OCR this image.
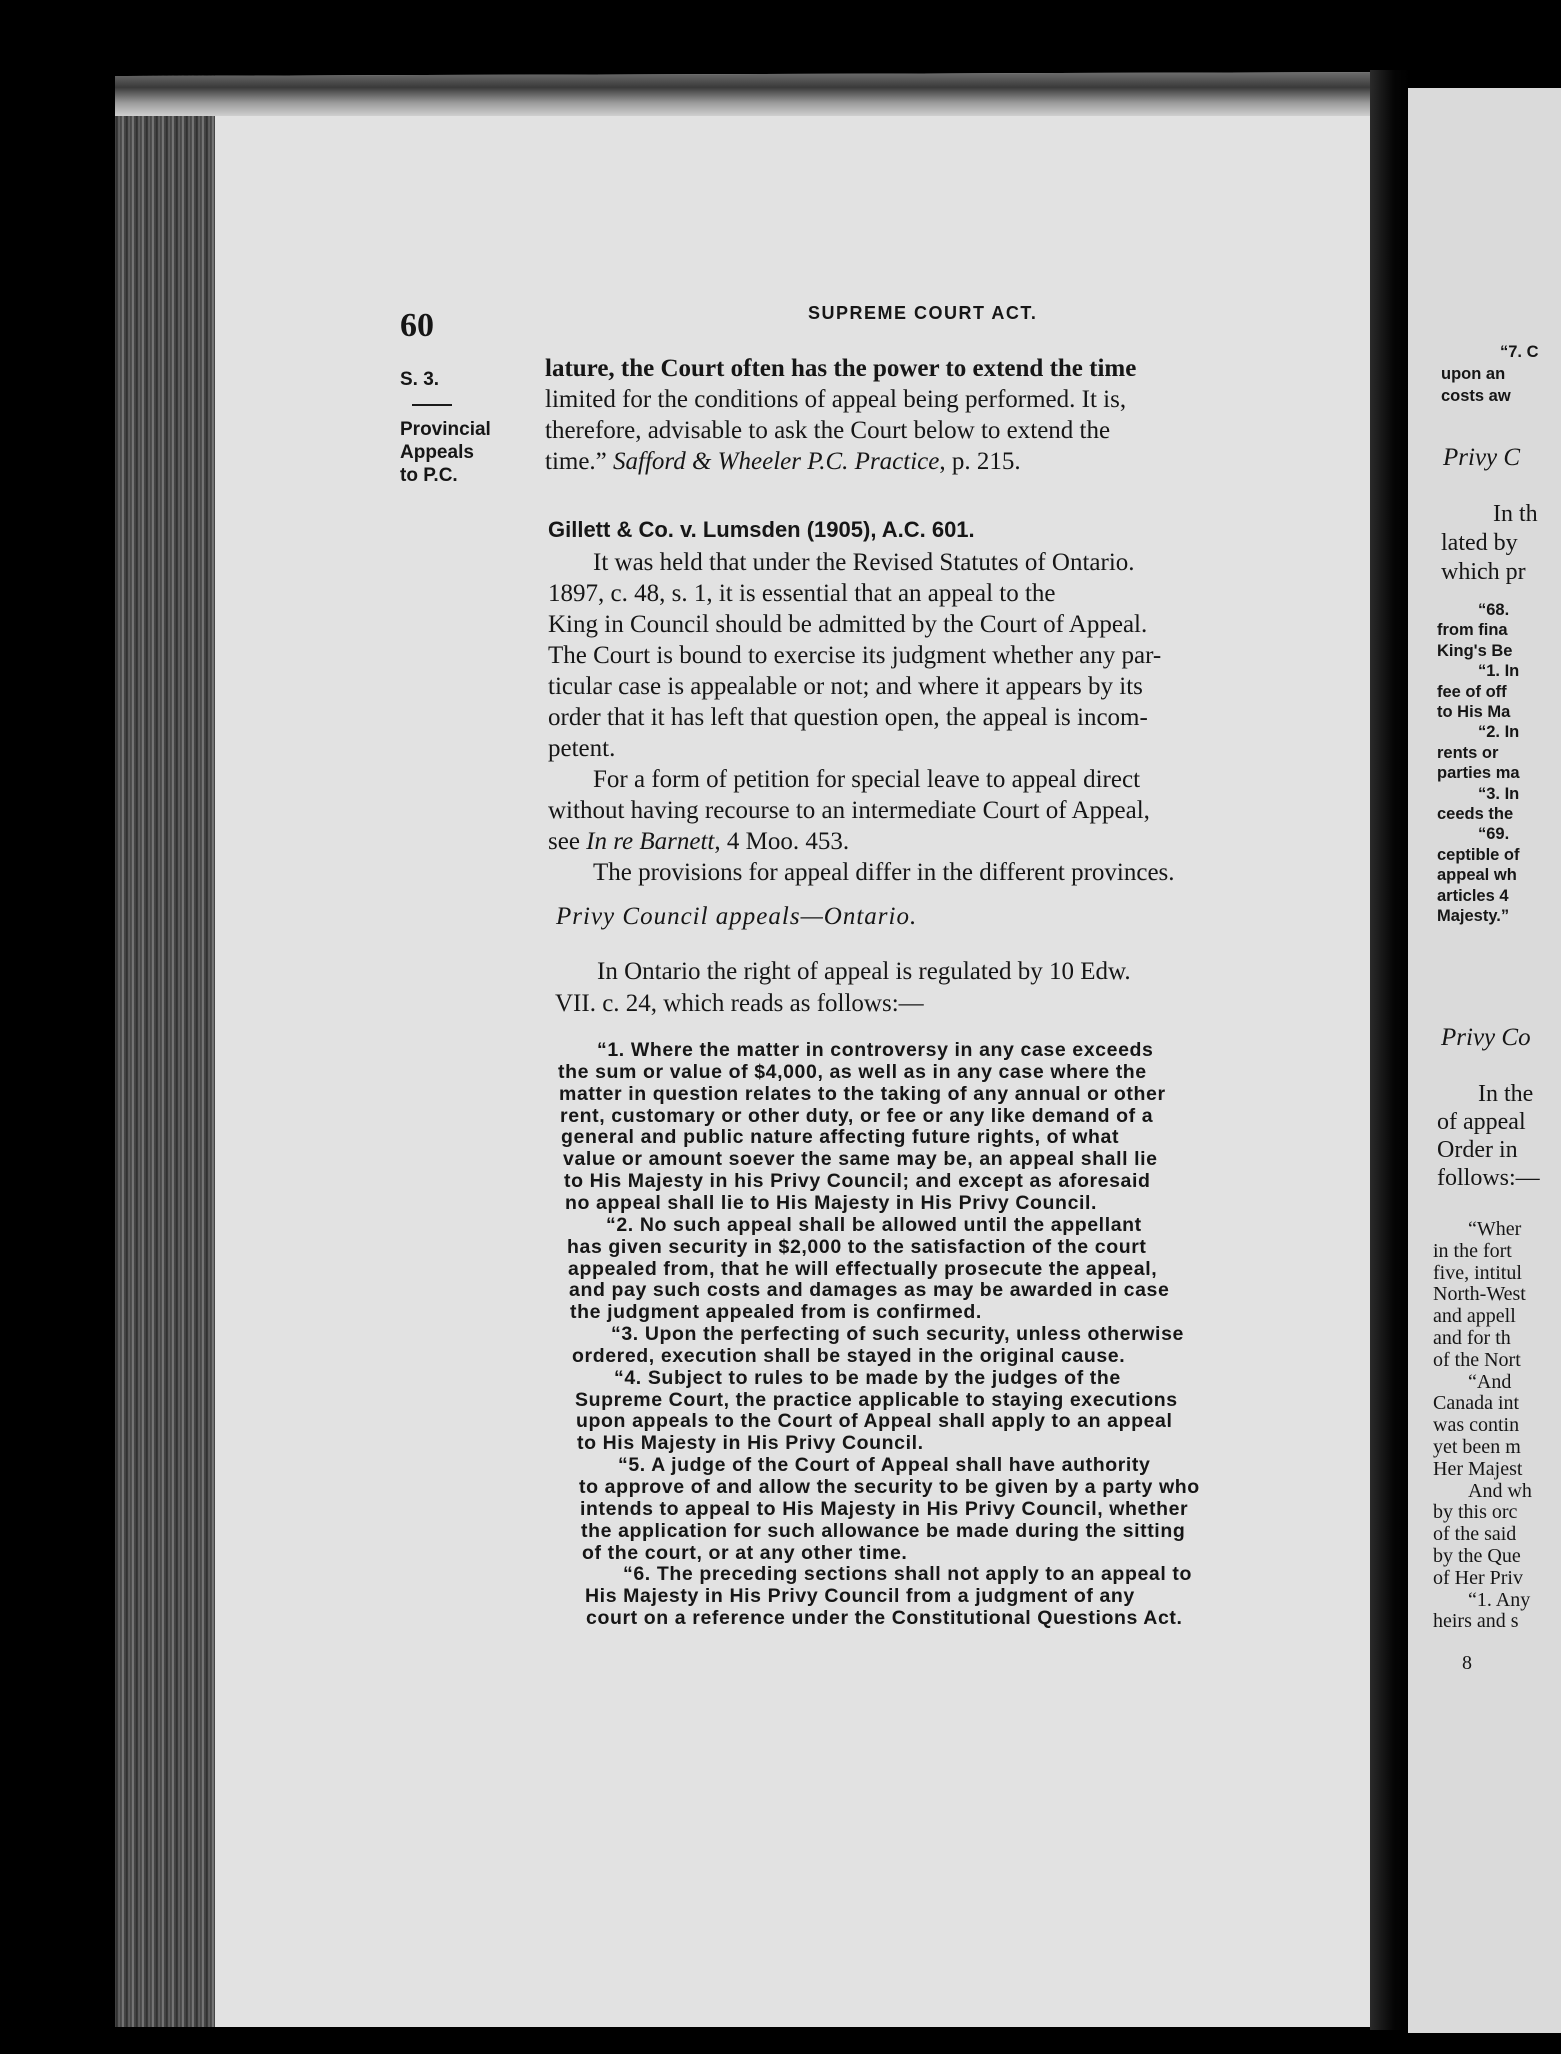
60	SUPREME COURT ACT.
S. 3.
Provincial
Appeals
to P.C.
lature, the Court often has the power to extend the time
limited for the conditions of appeal being performed. It is,
therefore, advisable to ask the Court below to extend the
time.” Safford & Wheeler P.C. Practice, p. 215.
Gillett & Co. v. Lumsden (1905), A.C. 601.
It was held that under the Revised Statutes of Ontario.
1897, c. 48, s. 1, it is essential that an appeal to the
King in Council should be admitted by the Court of Appeal.
The Court is bound to exercise its judgment whether any par-
ticular case is appealable or not; and where it appears by its
order that it has left that question open, the appeal is incom-
petent.
For a form of petition for special leave to appeal direct
without having recourse to an intermediate Court of Appeal,
see In re Barnett, 4 Moo. 453.
The provisions for appeal differ in the different provinces.
Privy Council appeals—Ontario.
In Ontario the right of appeal is regulated by 10 Edw.
VII. c. 24, which reads as follows:—
“1. Where the matter in controversy in any case exceeds
the sum or value of $4,000, as well as in any case where the
matter in question relates to the taking of any annual or other
rent, customary or other duty, or fee or any like demand of a
general and public nature affecting future rights, of what
value or amount soever the same may be, an appeal shall lie
to His Majesty in his Privy Council; and except as aforesaid
no appeal shall lie to His Majesty in His Privy Council.
“2. No such appeal shall be allowed until the appellant
has given security in $2,000 to the satisfaction of the court
appealed from, that he will effectually prosecute the appeal,
and pay such costs and damages as may be awarded in case
the judgment appealed from is confirmed.
“3. Upon the perfecting of such security, unless otherwise
ordered, execution shall be stayed in the original cause.
“4. Subject to rules to be made by the judges of the
Supreme Court, the practice applicable to staying executions
upon appeals to the Court of Appeal shall apply to an appeal
to His Majesty in His Privy Council.
“5. A judge of the Court of Appeal shall have authority
to approve of and allow the security to be given by a party who
intends to appeal to His Majesty in His Privy Council, whether
the application for such allowance be made during the sitting
of the court, or at any other time.
“6. The preceding sections shall not apply to an appeal to
His Majesty in His Privy Council from a judgment of any
court on a reference under the Constitutional Questions Act.
“7. C
upon an
costs aw
Privy C
In th
lated by
which pr
“68.
from fina
King's Be
“1. In
fee of off
to His Ma
“2. In
rents or
parties ma
“3. In
ceeds the
“69.
ceptible of
appeal wh
articles 4
Majesty.”
Privy Co
In the
of appeal
Order in
follows:—
“Wher
in the fort
five, intitul
North-West
and appell
and for th
of the Nort
“And
Canada int
was contin
yet been m
Her Majest
And wh
by this orc
of the said
by the Que
of Her Priv
“1. Any
heirs and s
8
